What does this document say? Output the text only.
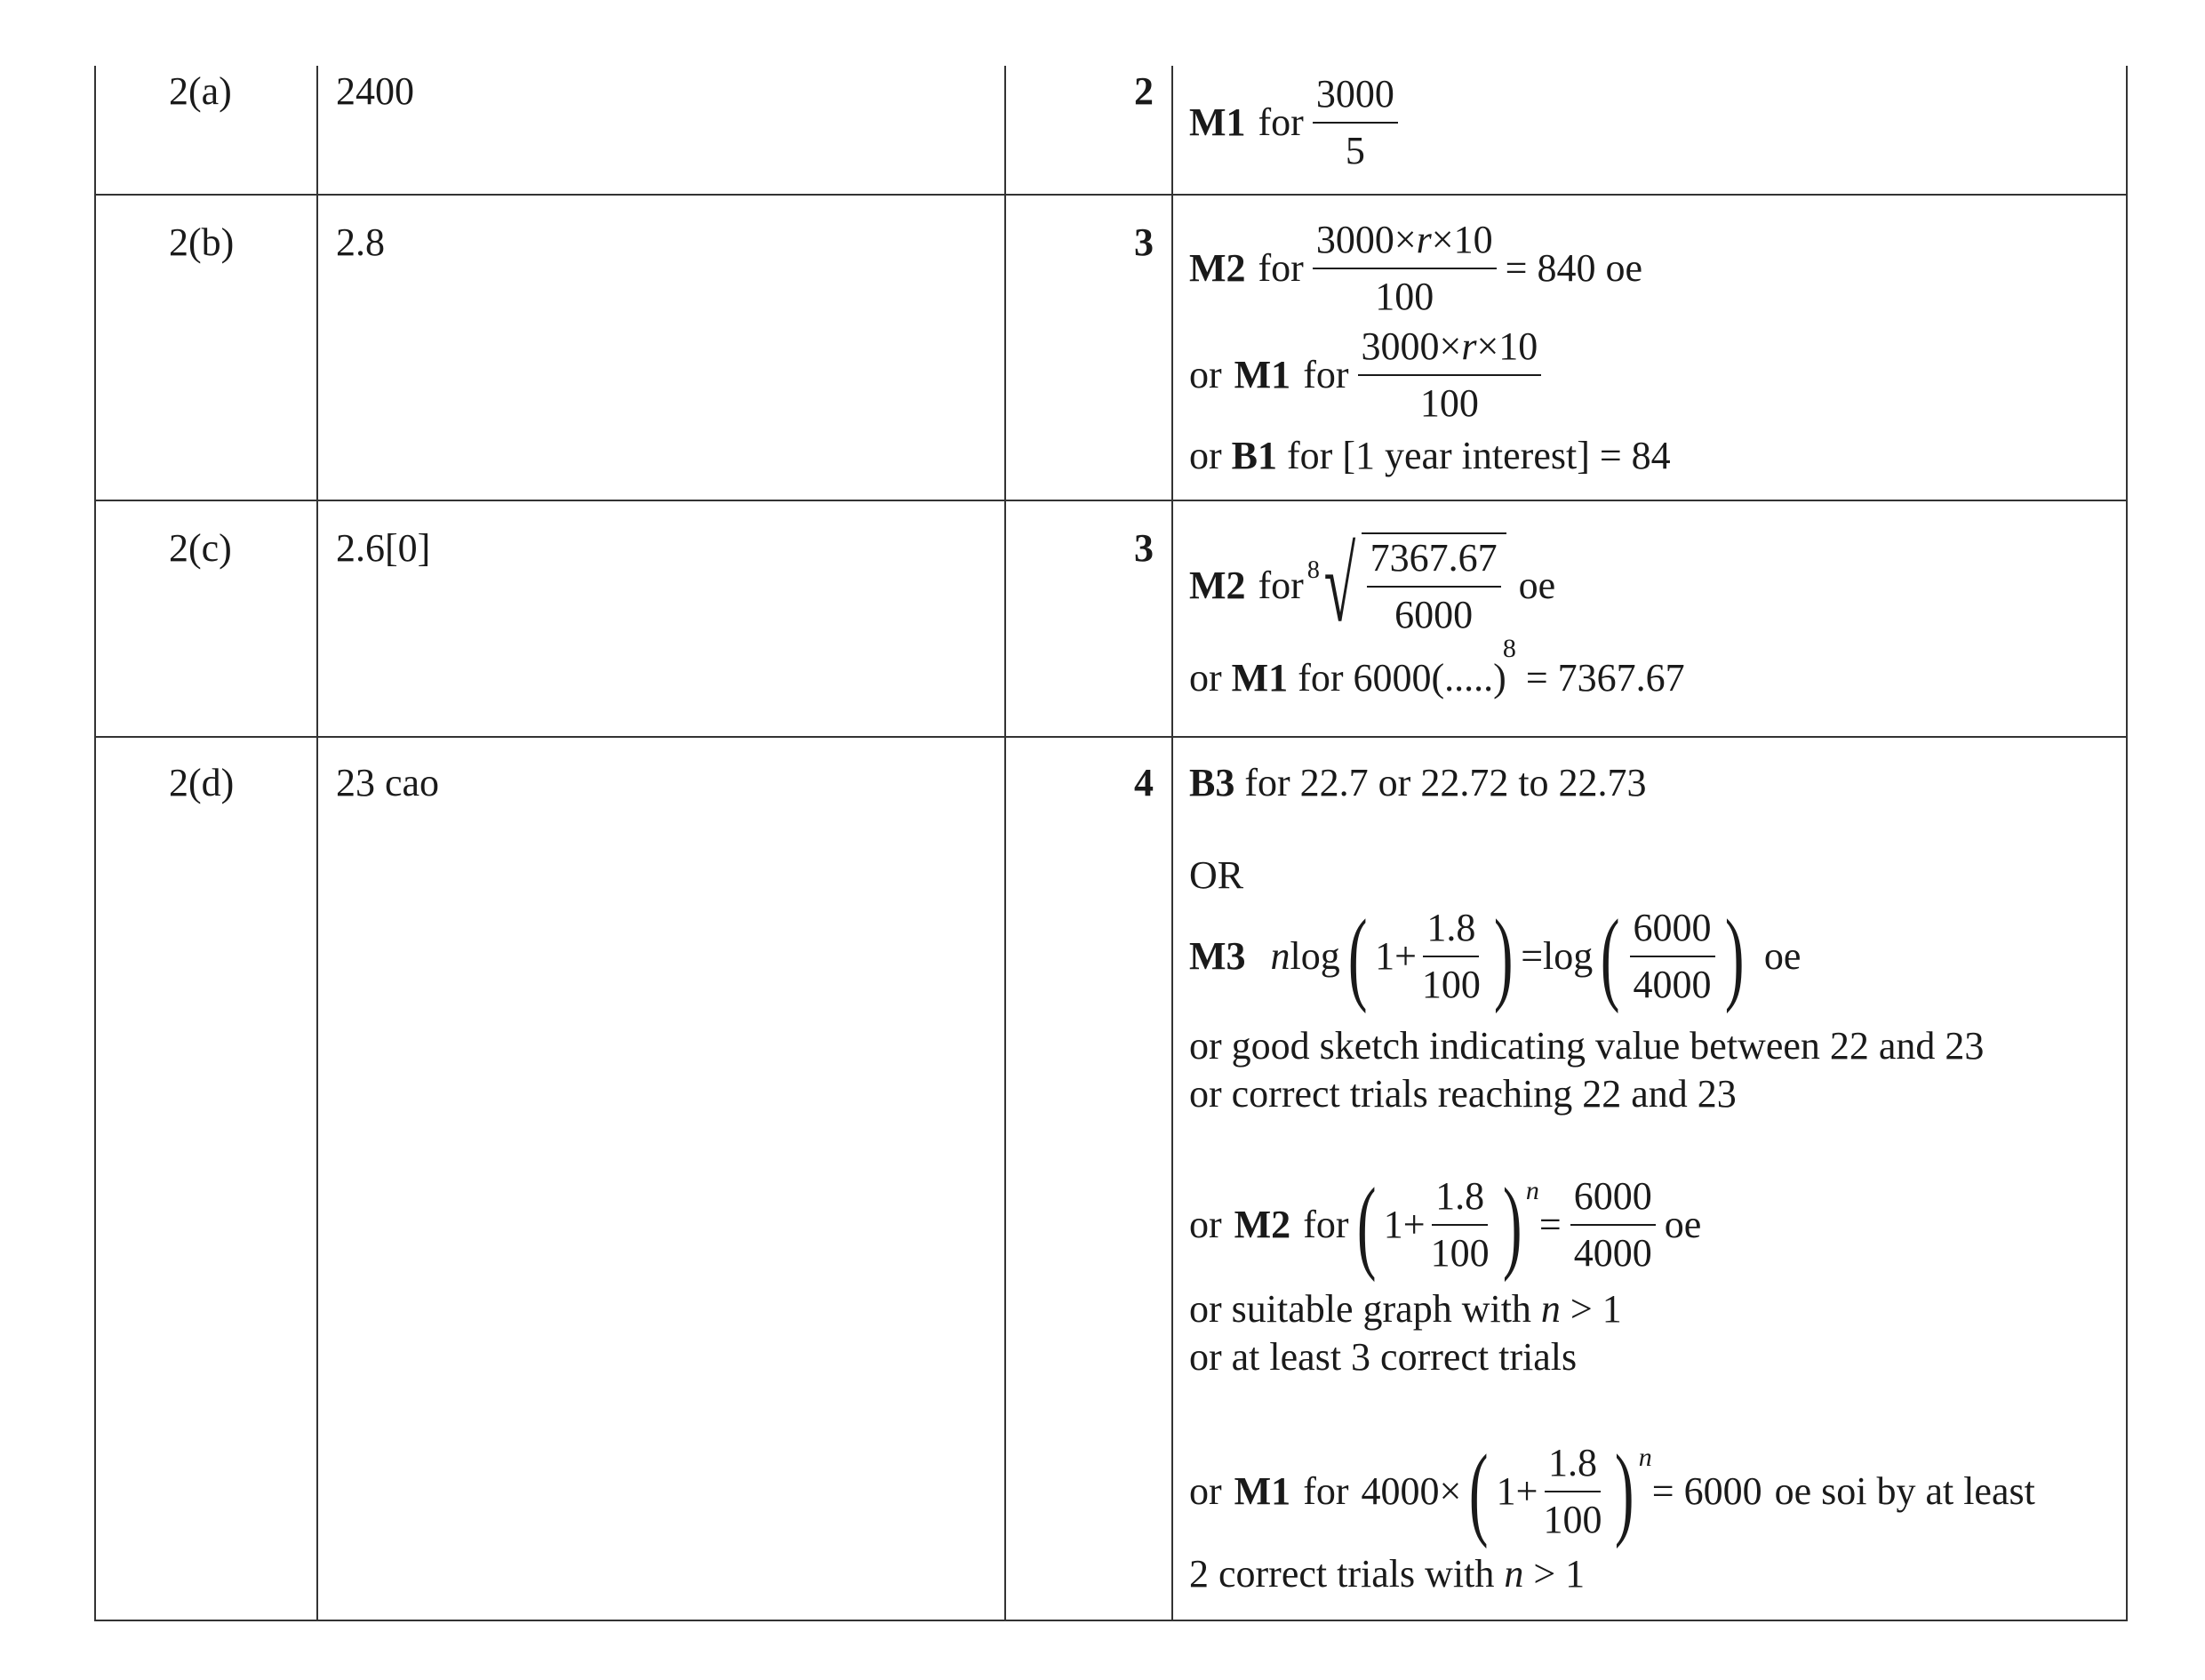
2(a)	2400	2
M1 for $\frac{3000}{5}$
2(b)	2.8	3
M2 for $\frac{3000\times r\times 10}{100} = 840$ oe
or M1 for $\frac{3000\times r\times 10}{100}$
or B1 for [1 year interest] = 84
2(c)	2.6[0]	3
M2 for 8 √ $\frac{7367.67}{6000}$ oe
or M1 for 6000(.....)$^8$ = 7367.67
2(d)	23 cao	4 B3 for 22.7 or 22.72 to 22.73
OR
M3 n log ( $1+ \frac{1.8}{100}$ ) = log ( $\frac{6000}{4000}$ ) oe
or good sketch indicating value between 22 and 23
or correct trials reaching 22 and 23
or M2 for ( $1+ \frac{1.8}{100}$ ) n
= $\frac{6000}{4000}$ oe
or suitable graph with n > 1
or at least 3 correct trials
or M1 for 4000× ( $1+ \frac{1.8}{100}$ ) n
= 6000 oe soi by at least
2 correct trials with n > 1
